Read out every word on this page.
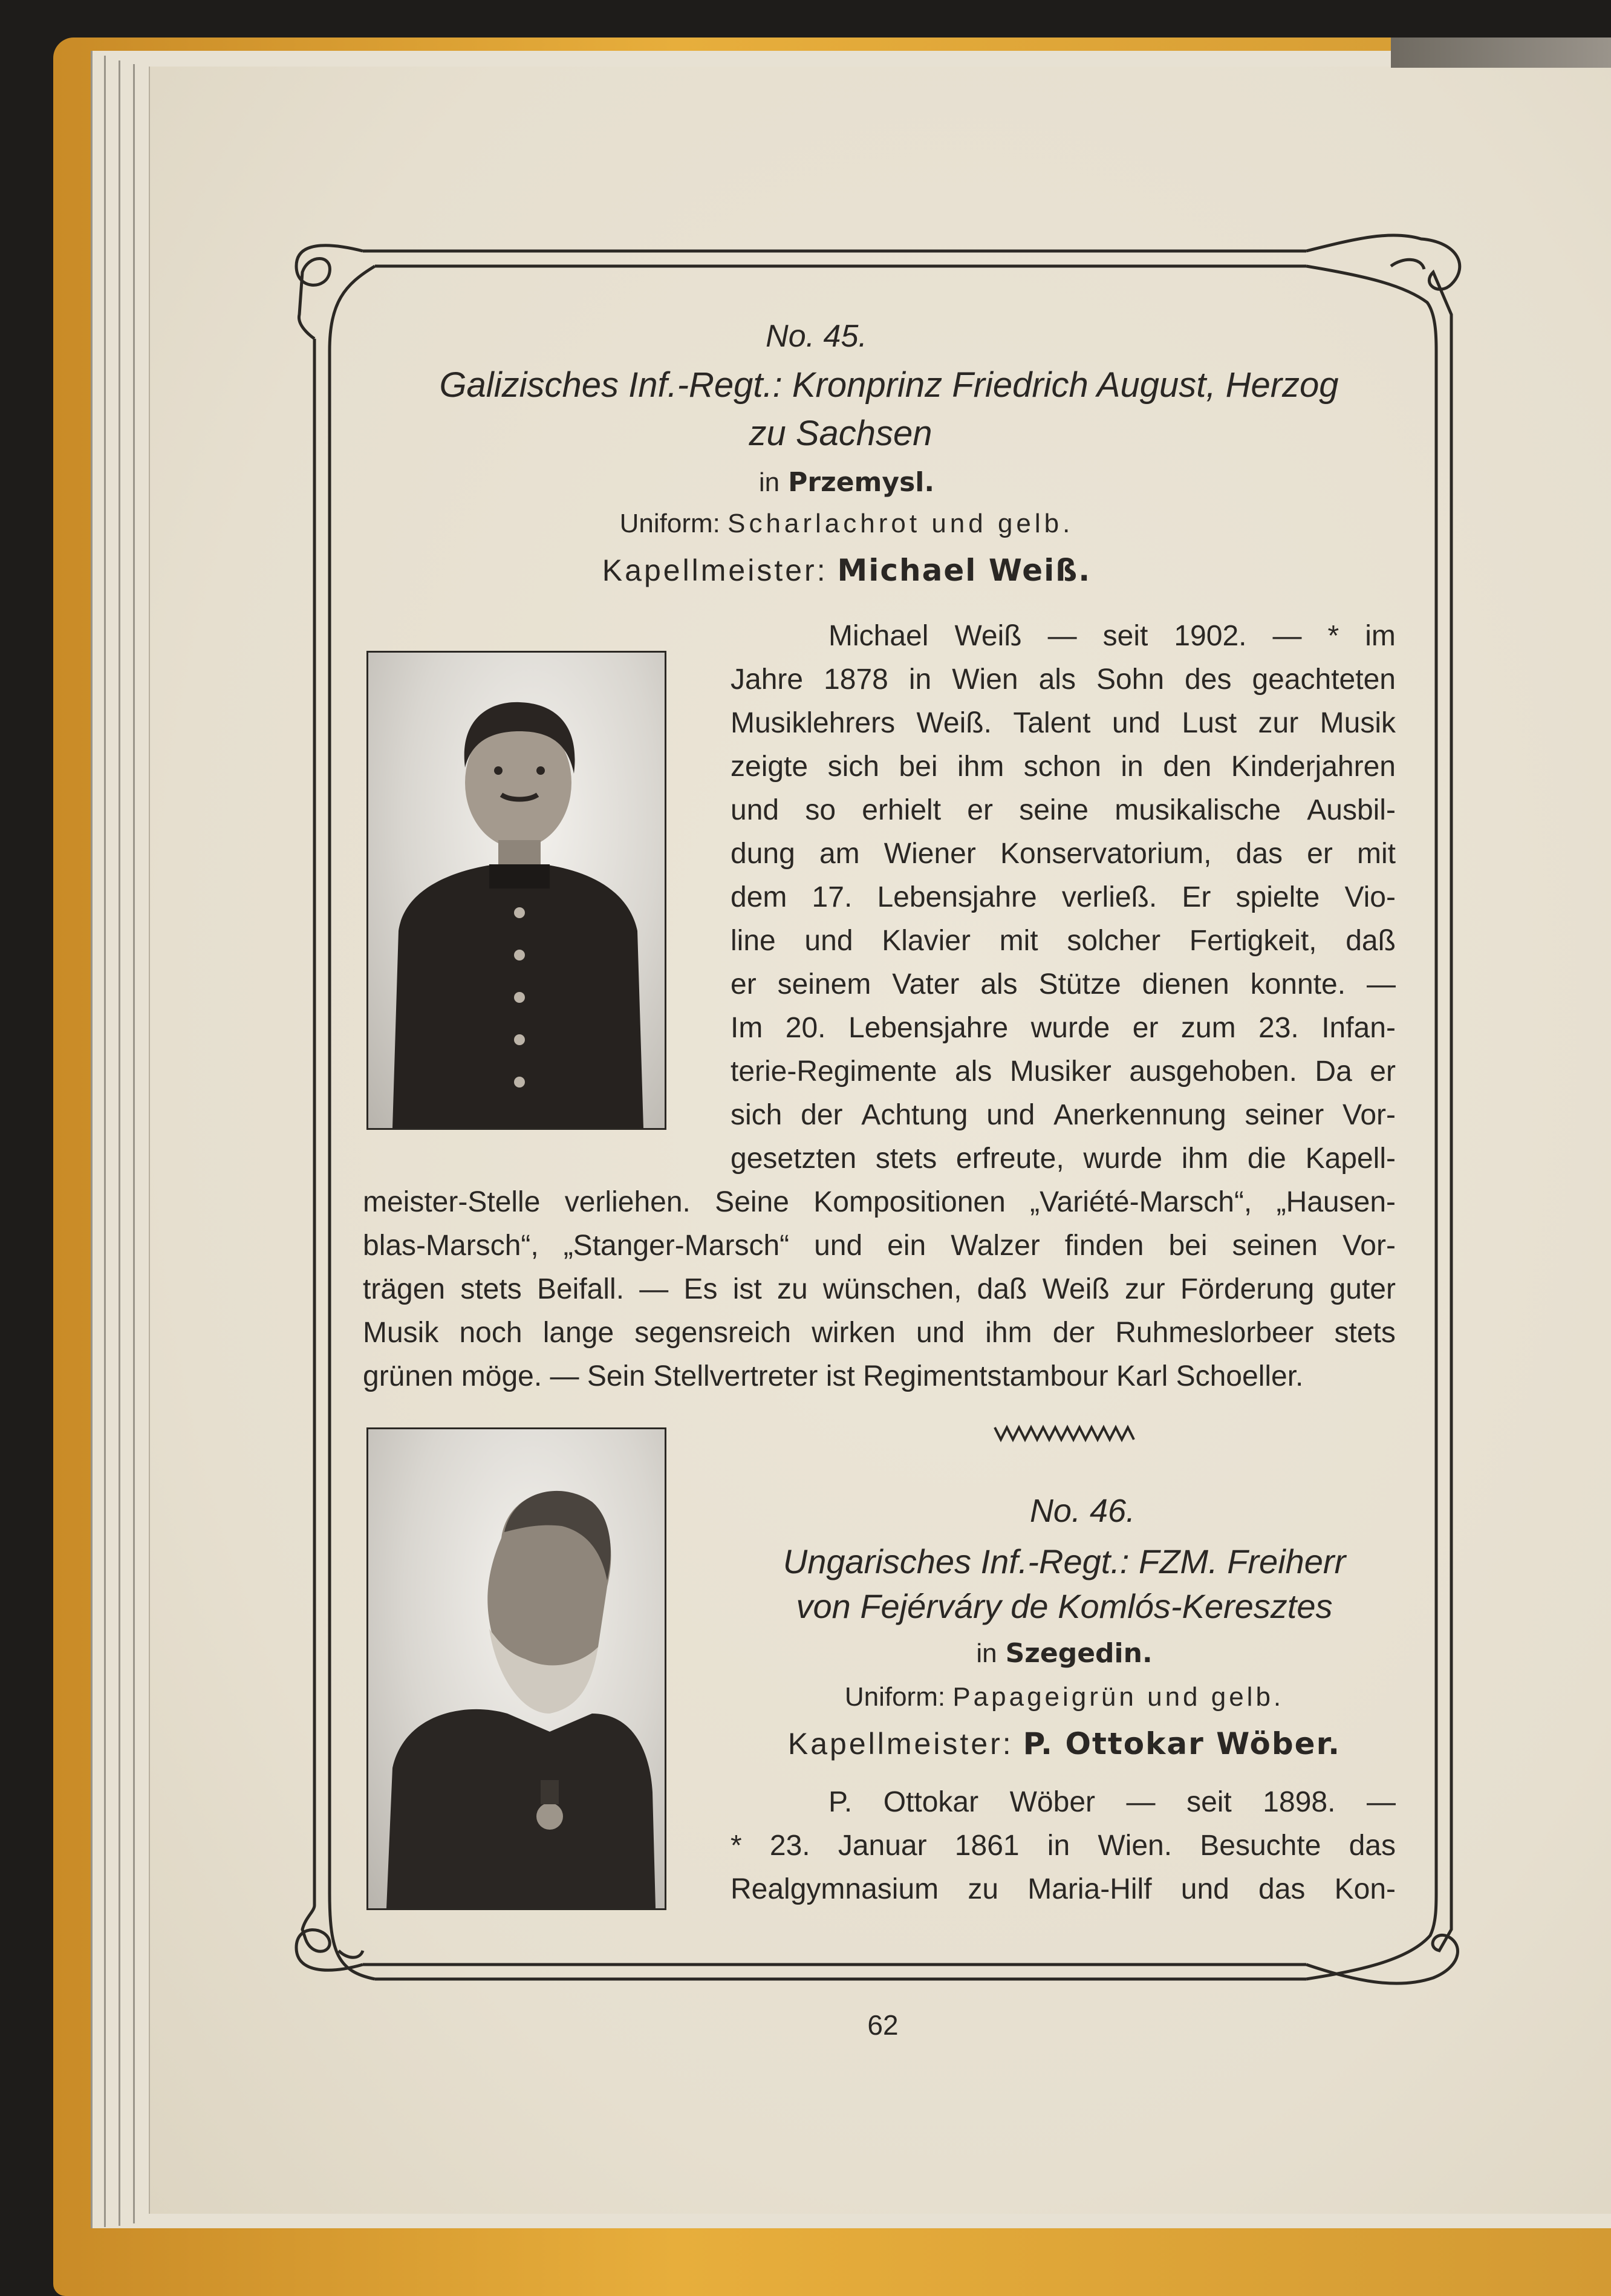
No. 45.
Galizisches Inf.-Regt.: Kronprinz Friedrich August, Herzog
zu Sachsen
in Przemysl.
Uniform: Scharlachrot und gelb.
Kapellmeister: Michael Weiß.
Michael Weiß — seit 1902. — * im
Jahre 1878 in Wien als Sohn des geachteten
Musiklehrers Weiß. Talent und Lust zur Musik
zeigte sich bei ihm schon in den Kinderjahren
und so erhielt er seine musikalische Ausbil-
dung am Wiener Konservatorium, das er mit
dem 17. Lebensjahre verließ. Er spielte Vio-
line und Klavier mit solcher Fertigkeit, daß
er seinem Vater als Stütze dienen konnte. —
Im 20. Lebensjahre wurde er zum 23. Infan-
terie-Regimente als Musiker ausgehoben. Da er
sich der Achtung und Anerkennung seiner Vor-
gesetzten stets erfreute, wurde ihm die Kapell-
meister-Stelle verliehen. Seine Kompositionen „Variété-Marsch“, „Hausen-
blas-Marsch“, „Stanger-Marsch“ und ein Walzer finden bei seinen Vor-
trägen stets Beifall. — Es ist zu wünschen, daß Weiß zur Förderung guter
Musik noch lange segensreich wirken und ihm der Ruhmeslorbeer stets
grünen möge. — Sein Stellvertreter ist Regimentstambour Karl Schoeller.
No. 46.
Ungarisches Inf.-Regt.: FZM. Freiherr
von Fejérváry de Komlós-Keresztes
in Szegedin.
Uniform: Papageigrün und gelb.
Kapellmeister: P. Ottokar Wöber.
P. Ottokar Wöber — seit 1898. —
* 23. Januar 1861 in Wien. Besuchte das
Realgymnasium zu Maria-Hilf und das Kon-
62
